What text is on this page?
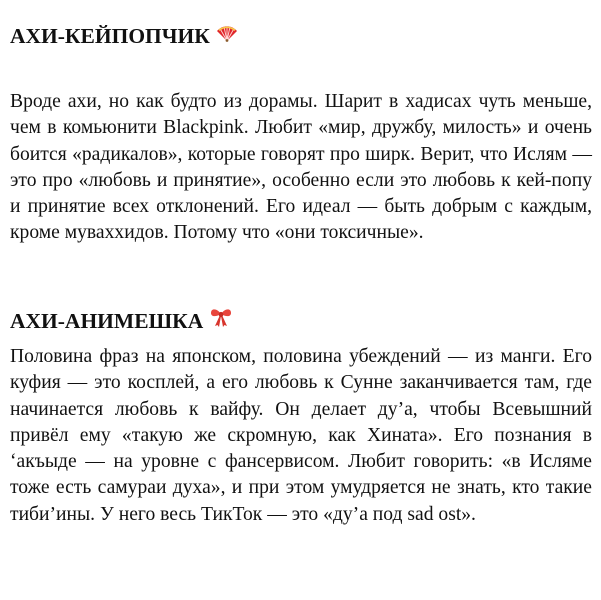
АХИ-КЕЙПОПЧИК

Вроде ахи, но как будто из дорамы. Шарит в хадисах чуть меньше, чем в комьюнити Blackpink. Любит «мир, дружбу, милость» и очень боится «радикалов», которые говорят про ширк. Верит, что Ислям — это про «любовь и принятие», особенно если это любовь к кей-попу и принятие всех отклонений. Его идеал — быть добрым с каждым, кроме муваххидов. Потому что «они токсичные».

АХИ-АНИМЕШКА

Половина фраз на японском, половина убеждений — из манги. Его куфия — это косплей, а его любовь к Сунне заканчивается там, где начинается любовь к вайфу. Он делает ду’а, чтобы Всевышний привёл ему «такую же скромную, как Хината». Его познания в ‘акъыде — на уровне с фансервисом. Любит говорить: «в Исляме тоже есть самураи духа», и при этом умудряется не знать, кто такие тиби’ины. У него весь ТикТок — это «ду’а под sad ost».
